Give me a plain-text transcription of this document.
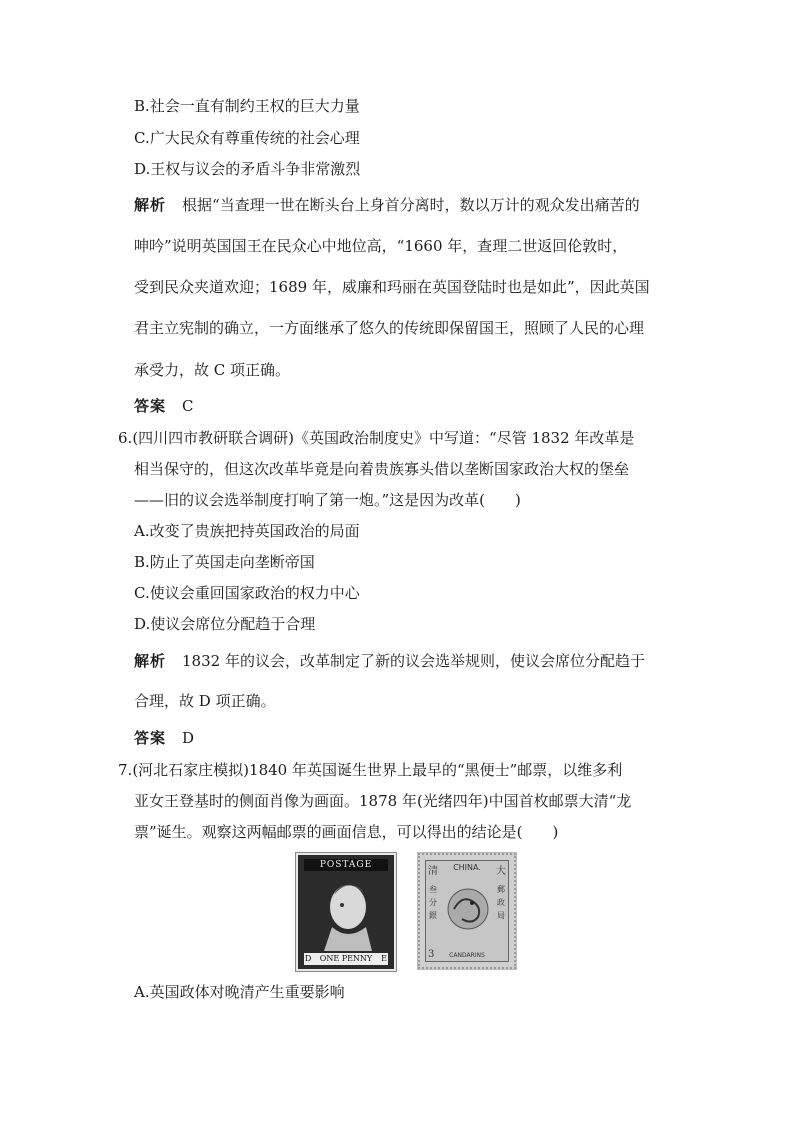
B.社会一直有制约王权的巨大力量
C.广大民众有尊重传统的社会心理
D.王权与议会的矛盾斗争非常激烈
解析 根据“当查理一世在断头台上身首分离时，数以万计的观众发出痛苦的
呻吟”说明英国国王在民众心中地位高，“1660 年，查理二世返回伦敦时，
受到民众夹道欢迎；1689 年，威廉和玛丽在英国登陆时也是如此”，因此英国
君主立宪制的确立，一方面继承了悠久的传统即保留国王，照顾了人民的心理
承受力，故 C 项正确。
答案 C
6.(四川四市教研联合调研)《英国政治制度史》中写道：“尽管 1832 年改革是
相当保守的，但这次改革毕竟是向着贵族寡头借以垄断国家政治大权的堡垒
——旧的议会选举制度打响了第一炮。”这是因为改革(　　)
A.改变了贵族把持英国政治的局面
B.防止了英国走向垄断帝国
C.使议会重回国家政治的权力中心
D.使议会席位分配趋于合理
解析 1832 年的议会，改革制定了新的议会选举规则，使议会席位分配趋于
合理，故 D 项正确。
答案 D
7.(河北石家庄模拟)1840 年英国诞生世界上最早的“黑便士”邮票，以维多利
亚女王登基时的侧面肖像为画面。1878 年(光绪四年)中国首枚邮票大清“龙
票”诞生。观察这两幅邮票的画面信息，可以得出的结论是(　　)
POSTAGE
D ONE PENNY E
清	大
CHINA.
叁分銀
郵政局
3	CANDARINS
A.英国政体对晚清产生重要影响
